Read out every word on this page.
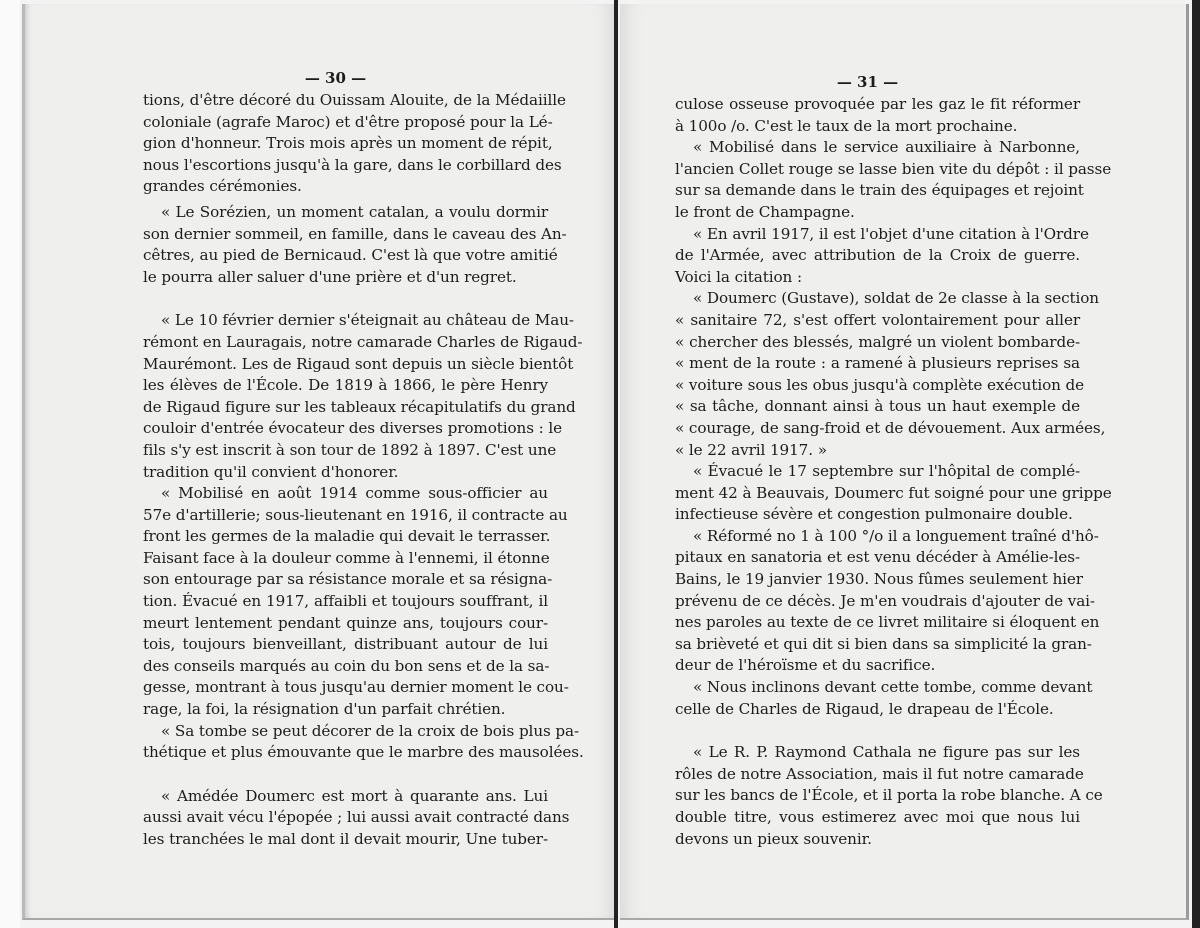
— 30 —
tions, d'être décoré du Ouissam Alouite, de la Médaiille
coloniale (agrafe Maroc) et d'être proposé pour la Lé-
gion d'honneur. Trois mois après un moment de répit,
nous l'escortions jusqu'à la gare, dans le corbillard des
grandes cérémonies.
« Le Sorézien, un moment catalan, a voulu dormir
son dernier sommeil, en famille, dans le caveau des An-
cêtres, au pied de Bernicaud. C'est là que votre amitié
le pourra aller saluer d'une prière et d'un regret.
« Le 10 février dernier s'éteignait au château de Mau-
rémont en Lauragais, notre camarade Charles de Rigaud-
Maurémont. Les de Rigaud sont depuis un siècle bientôt
les élèves de l'École. De 1819 à 1866, le père Henry
de Rigaud figure sur les tableaux récapitulatifs du grand
couloir d'entrée évocateur des diverses promotions : le
fils s'y est inscrit à son tour de 1892 à 1897. C'est une
tradition qu'il convient d'honorer.
« Mobilisé en août 1914 comme sous-officier au
57e d'artillerie; sous-lieutenant en 1916, il contracte au
front les germes de la maladie qui devait le terrasser.
Faisant face à la douleur comme à l'ennemi, il étonne
son entourage par sa résistance morale et sa résigna-
tion. Évacué en 1917, affaibli et toujours souffrant, il
meurt lentement pendant quinze ans, toujours cour-
tois, toujours bienveillant, distribuant autour de lui
des conseils marqués au coin du bon sens et de la sa-
gesse, montrant à tous jusqu'au dernier moment le cou-
rage, la foi, la résignation d'un parfait chrétien.
« Sa tombe se peut décorer de la croix de bois plus pa-
thétique et plus émouvante que le marbre des mausolées.
« Amédée Doumerc est mort à quarante ans. Lui
aussi avait vécu l'épopée ; lui aussi avait contracté dans
les tranchées le mal dont il devait mourir, Une tuber-
— 31 —
culose osseuse provoquée par les gaz le fit réformer
à 100o /o. C'est le taux de la mort prochaine.
« Mobilisé dans le service auxiliaire à Narbonne,
l'ancien Collet rouge se lasse bien vite du dépôt : il passe
sur sa demande dans le train des équipages et rejoint
le front de Champagne.
« En avril 1917, il est l'objet d'une citation à l'Ordre
de l'Armée, avec attribution de la Croix de guerre.
Voici la citation :
« Doumerc (Gustave), soldat de 2e classe à la section
« sanitaire 72, s'est offert volontairement pour aller
« chercher des blessés, malgré un violent bombarde-
« ment de la route : a ramené à plusieurs reprises sa
« voiture sous les obus jusqu'à complète exécution de
« sa tâche, donnant ainsi à tous un haut exemple de
« courage, de sang-froid et de dévouement. Aux armées,
« le 22 avril 1917. »
« Évacué le 17 septembre sur l'hôpital de complé-
ment 42 à Beauvais, Doumerc fut soigné pour une grippe
infectieuse sévère et congestion pulmonaire double.
« Réformé no 1 à 100 °/o il a longuement traîné d'hô-
pitaux en sanatoria et est venu décéder à Amélie-les-
Bains, le 19 janvier 1930. Nous fûmes seulement hier
prévenu de ce décès. Je m'en voudrais d'ajouter de vai-
nes paroles au texte de ce livret militaire si éloquent en
sa brièveté et qui dit si bien dans sa simplicité la gran-
deur de l'héroïsme et du sacrifice.
« Nous inclinons devant cette tombe, comme devant
celle de Charles de Rigaud, le drapeau de l'École.
« Le R. P. Raymond Cathala ne figure pas sur les
rôles de notre Association, mais il fut notre camarade
sur les bancs de l'École, et il porta la robe blanche. A ce
double titre, vous estimerez avec moi que nous lui
devons un pieux souvenir.
